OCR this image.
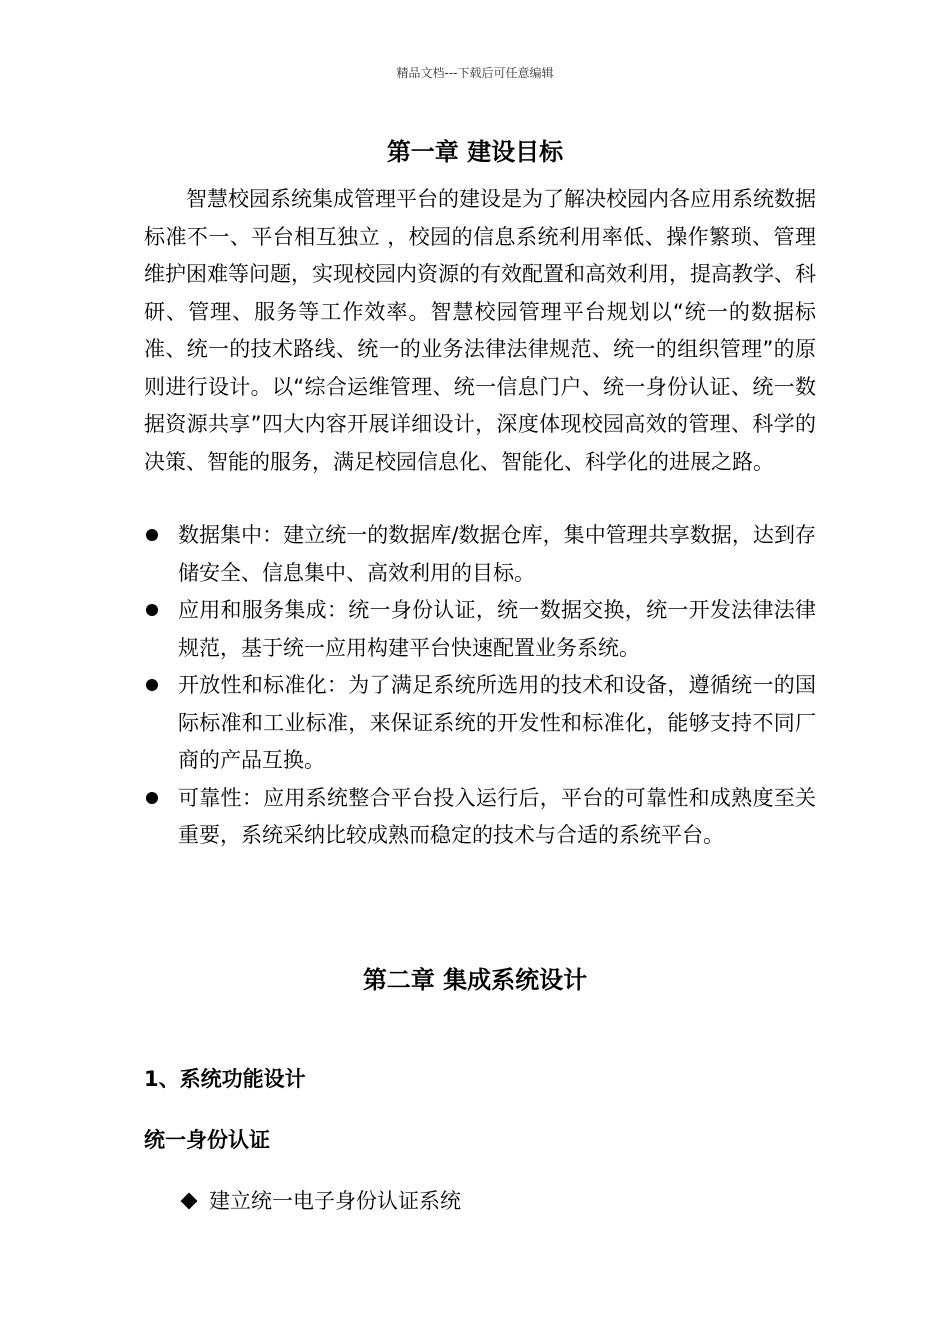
精品文档---下载后可任意编辑
第一章 建设目标

智慧校园系统集成管理平台的建设是为了解决校园内各应用系统数据标准不一、平台相互独立 ，校园的信息系统利用率低、操作繁琐、管理维护困难等问题，实现校园内资源的有效配置和高效利用，提高教学、科研、管理、服务等工作效率。智慧校园管理平台规划以“统一的数据标准、统一的技术路线、统一的业务法律法律规范、统一的组织管理”的原则进行设计。以“综合运维管理、统一信息门户、统一身份认证、统一数据资源共享”四大内容开展详细设计，深度体现校园高效的管理、科学的决策、智能的服务，满足校园信息化、智能化、科学化的进展之路。

数据集中：建立统一的数据库/数据仓库，集中管理共享数据，达到存储安全、信息集中、高效利用的目标。
应用和服务集成：统一身份认证，统一数据交换，统一开发法律法律规范，基于统一应用构建平台快速配置业务系统。
开放性和标准化：为了满足系统所选用的技术和设备，遵循统一的国际标准和工业标准，来保证系统的开发性和标准化，能够支持不同厂商的产品互换。
可靠性：应用系统整合平台投入运行后，平台的可靠性和成熟度至关重要，系统采纳比较成熟而稳定的技术与合适的系统平台。
第二章 集成系统设计
1、系统功能设计
统一身份认证
建立统一电子身份认证系统
